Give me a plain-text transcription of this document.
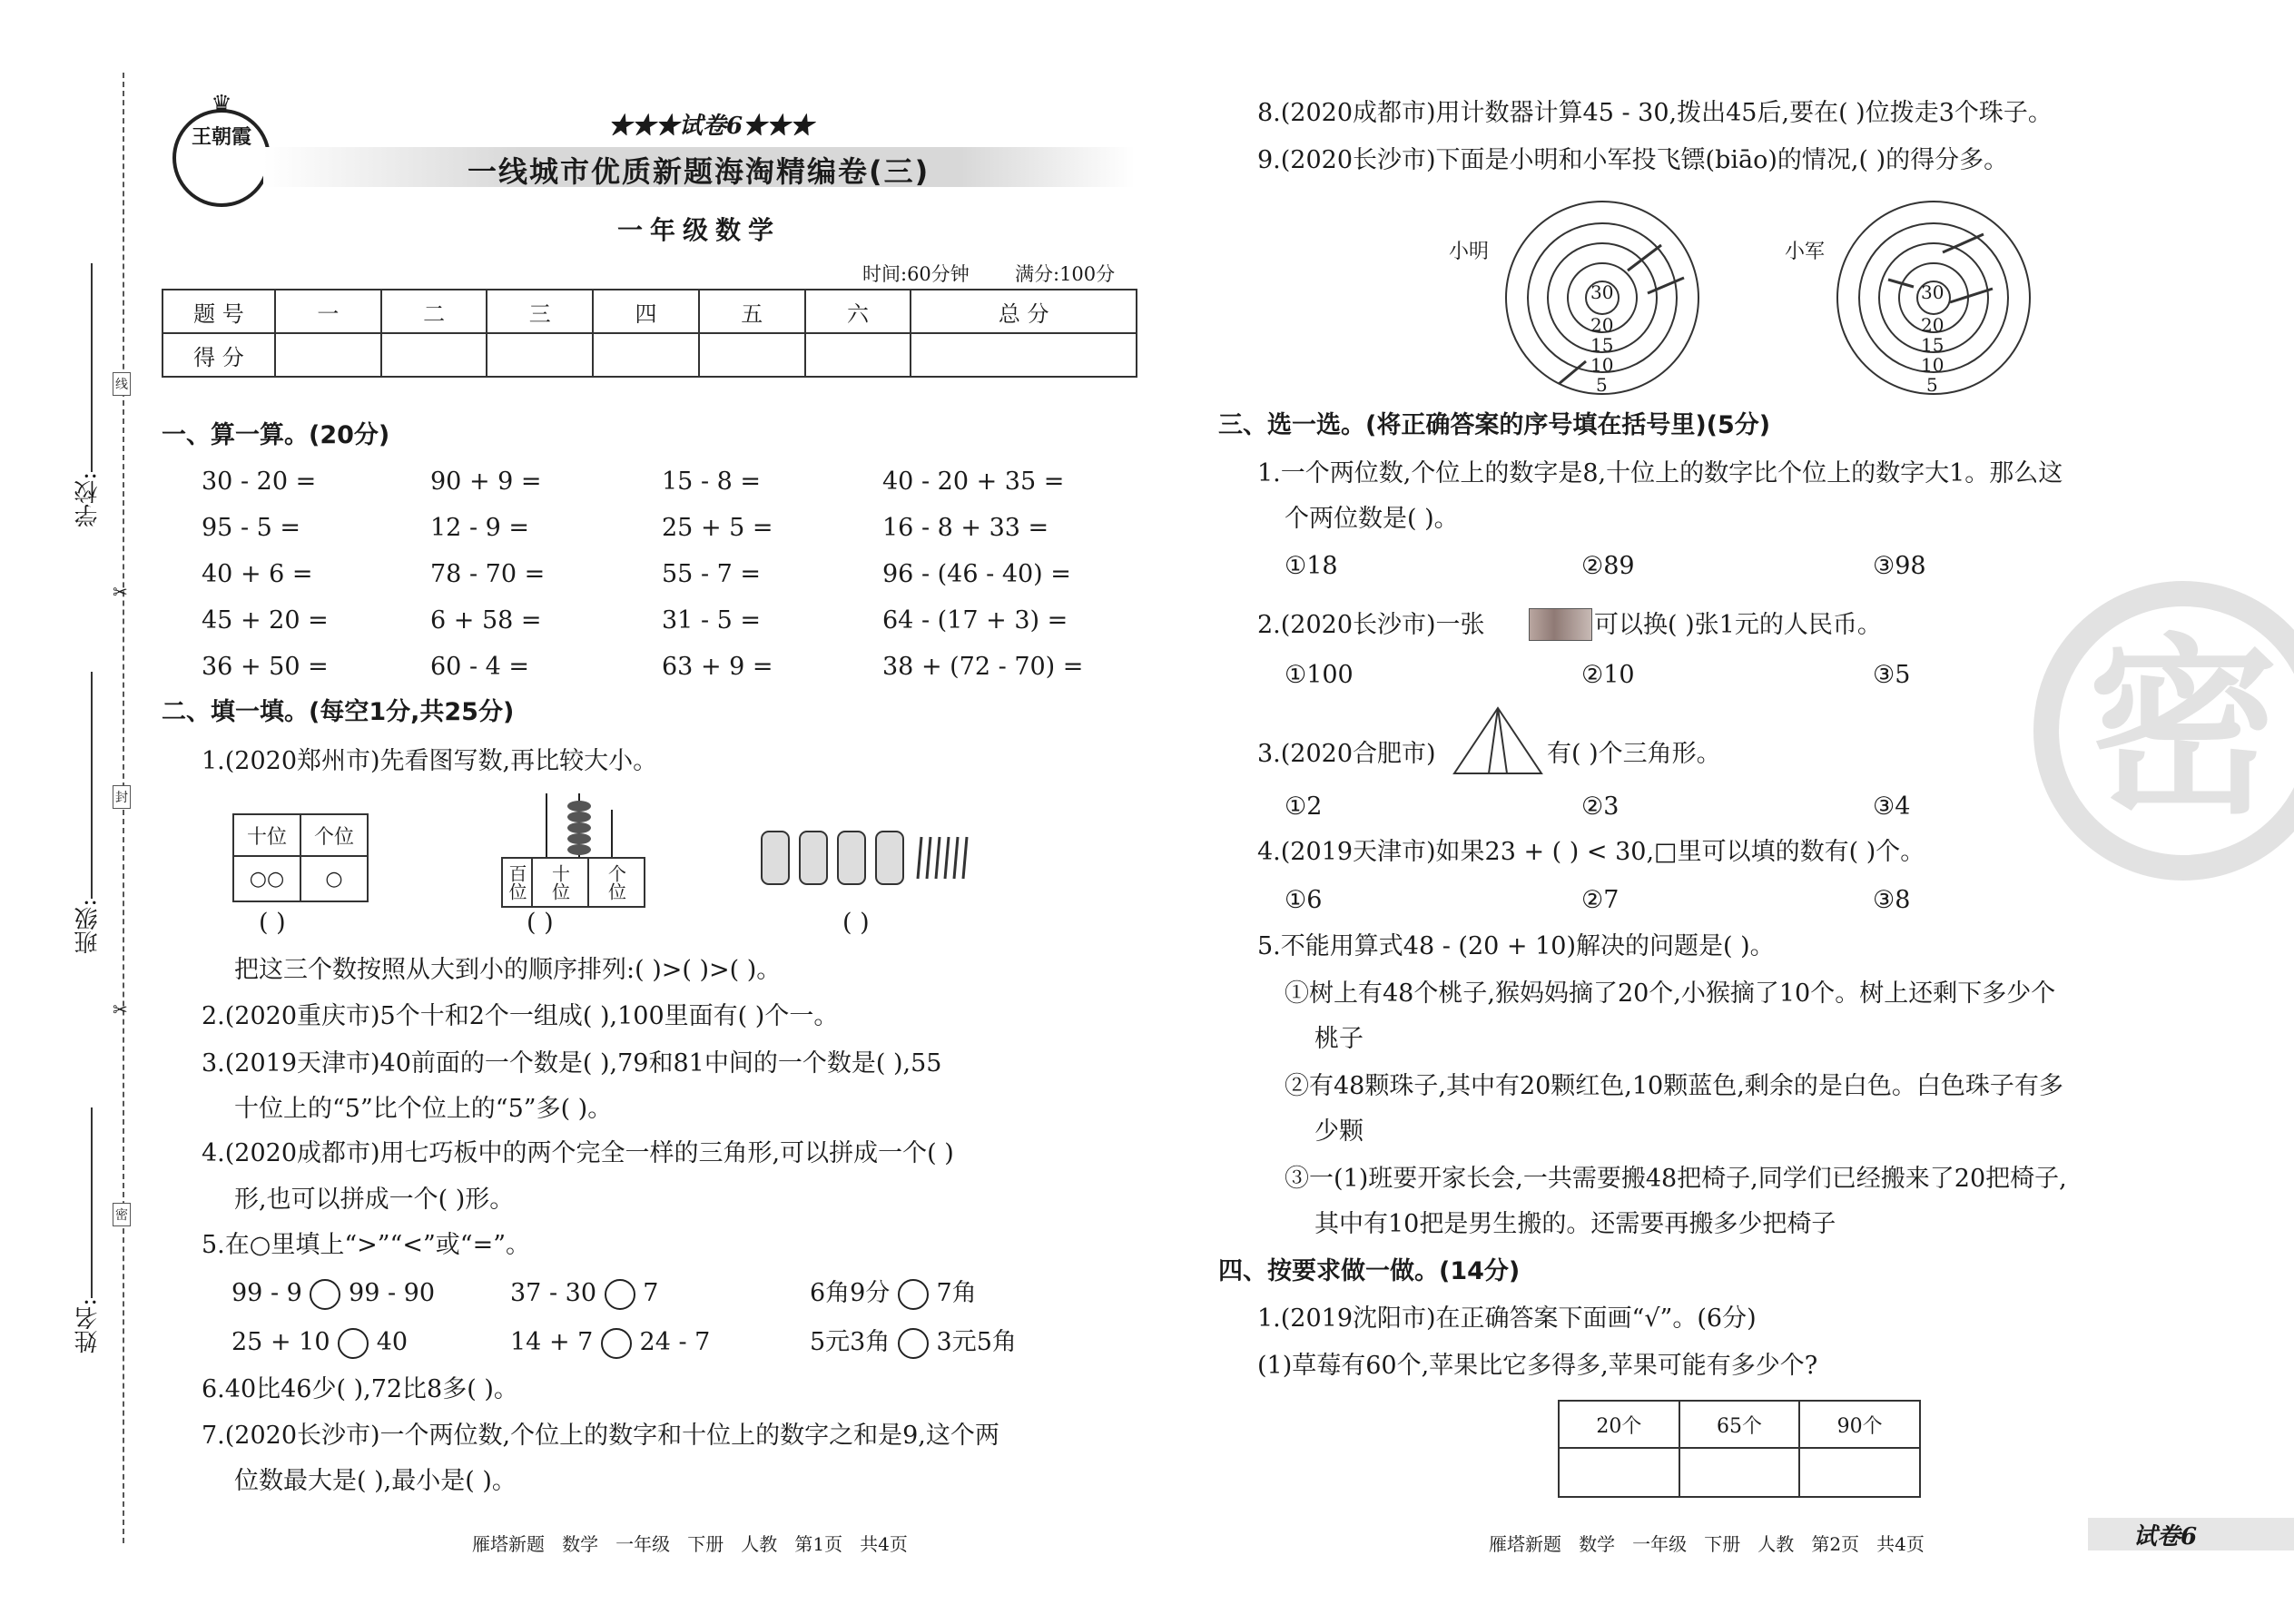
学校:
班级:
姓名:
线
封
密
✂
✂
♛
王朝霞	★★★试卷6★★★
一线城市优质新题海淘精编卷(三)
一年级数学
时间:60分钟 满分:100分
题 号	一	二	三	四	五	六	总 分
得 分							
一、算一算。(20分)
30 - 20 =	90 + 9 =	15 - 8 =	40 - 20 + 35 =
95 - 5 =	12 - 9 =	25 + 5 =	16 - 8 + 33 =
40 + 6 =	78 - 70 =	55 - 7 =	96 - (46 - 40) =
45 + 20 =	6 + 58 =	31 - 5 =	64 - (17 + 3) =
36 + 50 =	60 - 4 =	63 + 9 =	38 + (72 - 70) =
二、填一填。(每空1分,共25分)
1.(2020郑州市)先看图写数,再比较大小。
十位	个位
○○	○
( )
百位	十位	个位
( )	( )
把这三个数按照从大到小的顺序排列:( )>( )>( )。
2.(2020重庆市)5个十和2个一组成( ),100里面有( )个一。
3.(2019天津市)40前面的一个数是( ),79和81中间的一个数是( ),55
十位上的“5”比个位上的“5”多( )。
4.(2020成都市)用七巧板中的两个完全一样的三角形,可以拼成一个( )
形,也可以拼成一个( )形。
5.在○里填上“>”“<”或“=”。
99 - 9 99 - 90	37 - 30 7	6角9分 7角
25 + 10 40	14 + 7 24 - 7	5元3角 3元5角
6.40比46少( ),72比8多( )。
7.(2020长沙市)一个两位数,个位上的数字和十位上的数字之和是9,这个两
位数最大是( ),最小是( )。
雁塔新题   数学   一年级   下册   人教   第1页   共4页
8.(2020成都市)用计数器计算45 - 30,拨出45后,要在( )位拨走3个珠子。
9.(2020长沙市)下面是小明和小军投飞镖(biāo)的情况,( )的得分多。
小明
30
20
15
10
5
小军
30
20
15
10
5
密
三、选一选。(将正确答案的序号填在括号里)(5分)
1.一个两位数,个位上的数字是8,十位上的数字比个位上的数字大1。那么这
个两位数是( )。
①18	②89	③98
2.(2020长沙市)一张	可以换( )张1元的人民币。
①100	②10	③5
3.(2020合肥市)	有( )个三角形。
①2	②3	③4
4.(2019天津市)如果23 + ( ) < 30,□里可以填的数有( )个。
①6	②7	③8
5.不能用算式48 - (20 + 10)解决的问题是( )。
①树上有48个桃子,猴妈妈摘了20个,小猴摘了10个。树上还剩下多少个
桃子
②有48颗珠子,其中有20颗红色,10颗蓝色,剩余的是白色。白色珠子有多
少颗
③一(1)班要开家长会,一共需要搬48把椅子,同学们已经搬来了20把椅子,
其中有10把是男生搬的。还需要再搬多少把椅子
四、按要求做一做。(14分)
1.(2019沈阳市)在正确答案下面画“√”。(6分)
(1)草莓有60个,苹果比它多得多,苹果可能有多少个?
20个	65个	90个

雁塔新题   数学   一年级   下册   人教   第2页   共4页	试卷6
